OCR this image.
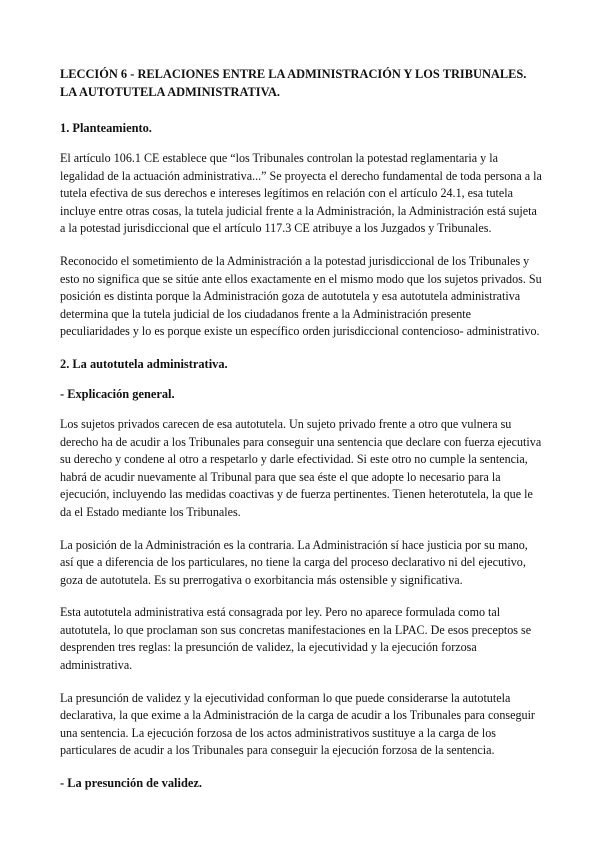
LECCIÓN 6 - RELACIONES ENTRE LA ADMINISTRACIÓN Y LOS TRIBUNALES. LA AUTOTUTELA ADMINISTRATIVA.
1. Planteamiento.

El artículo 106.1 CE establece que “los Tribunales controlan la potestad reglamentaria y la legalidad de la actuación administrativa...” Se proyecta el derecho fundamental de toda persona a la tutela efectiva de sus derechos e intereses legítimos en relación con el artículo 24.1, esa tutela incluye entre otras cosas, la tutela judicial frente a la Administración, la Administración está sujeta a la potestad jurisdiccional que el artículo 117.3 CE atribuye a los Juzgados y Tribunales.

Reconocido el sometimiento de la Administración a la potestad jurisdiccional de los Tribunales y esto no significa que se sitúe ante ellos exactamente en el mismo modo que los sujetos privados. Su posición es distinta porque la Administración goza de autotutela y esa autotutela administrativa determina que la tutela judicial de los ciudadanos frente a la Administración presente peculiaridades y lo es porque existe un específico orden jurisdiccional contencioso- administrativo.

2. La autotutela administrativa.
- Explicación general.

Los sujetos privados carecen de esa autotutela. Un sujeto privado frente a otro que vulnera su derecho ha de acudir a los Tribunales para conseguir una sentencia que declare con fuerza ejecutiva su derecho y condene al otro a respetarlo y darle efectividad. Si este otro no cumple la sentencia, habrá de acudir nuevamente al Tribunal para que sea éste el que adopte lo necesario para la ejecución, incluyendo las medidas coactivas y de fuerza pertinentes. Tienen heterotutela, la que le da el Estado mediante los Tribunales.

La posición de la Administración es la contraria. La Administración sí hace justicia por su mano, así que a diferencia de los particulares, no tiene la carga del proceso declarativo ni del ejecutivo, goza de autotutela. Es su prerrogativa o exorbitancia más ostensible y significativa.

Esta autotutela administrativa está consagrada por ley. Pero no aparece formulada como tal autotutela, lo que proclaman son sus concretas manifestaciones en la LPAC. De esos preceptos se desprenden tres reglas: la presunción de validez, la ejecutividad y la ejecución forzosa administrativa.

La presunción de validez y la ejecutividad conforman lo que puede considerarse la autotutela declarativa, la que exime a la Administración de la carga de acudir a los Tribunales para conseguir una sentencia. La ejecución forzosa de los actos administrativos sustituye a la carga de los particulares de acudir a los Tribunales para conseguir la ejecución forzosa de la sentencia.

- La presunción de validez.
